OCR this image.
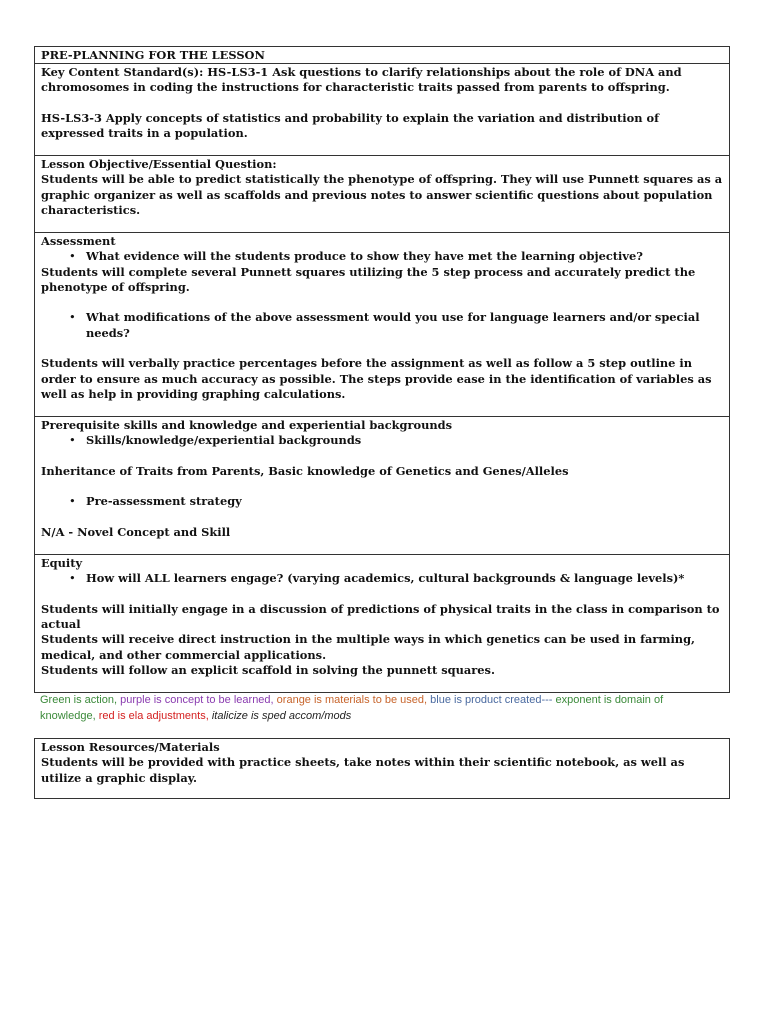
PRE-PLANNING FOR THE LESSON

Key Content Standard(s): HS-LS3-1 Ask questions to clarify relationships about the role of DNA and chromosomes in coding the instructions for characteristic traits passed from parents to offspring.

HS-LS3-3 Apply concepts of statistics and probability to explain the variation and distribution of expressed traits in a population.

Lesson Objective/Essential Question:

Students will be able to predict statistically the phenotype of offspring. They will use Punnett squares as a graphic organizer as well as scaffolds and previous notes to answer scientific questions about population characteristics.

Assessment

• What evidence will the students produce to show they have met the learning objective?

Students will complete several Punnett squares utilizing the 5 step process and accurately predict the phenotype of offspring.

• What modifications of the above assessment would you use for language learners and/or special needs?

Students will verbally practice percentages before the assignment as well as follow a 5 step outline in order to ensure as much accuracy as possible. The steps provide ease in the identification of variables as well as help in providing graphing calculations.

Prerequisite skills and knowledge and experiential backgrounds

• Skills/knowledge/experiential backgrounds

Inheritance of Traits from Parents, Basic knowledge of Genetics and Genes/Alleles

• Pre-assessment strategy

N/A - Novel Concept and Skill

Equity

• How will ALL learners engage? (varying academics, cultural backgrounds & language levels)*

Students will initially engage in a discussion of predictions of physical traits in the class in comparison to actual

Students will receive direct instruction in the multiple ways in which genetics can be used in farming, medical, and other commercial applications.

Students will follow an explicit scaffold in solving the punnett squares.

Green is action, purple is concept to be learned, orange is materials to be used, blue is product created--- exponent is domain of knowledge, red is ela adjustments, italicize is sped accom/mods

Lesson Resources/Materials

Students will be provided with practice sheets, take notes within their scientific notebook, as well as utilize a graphic display.
